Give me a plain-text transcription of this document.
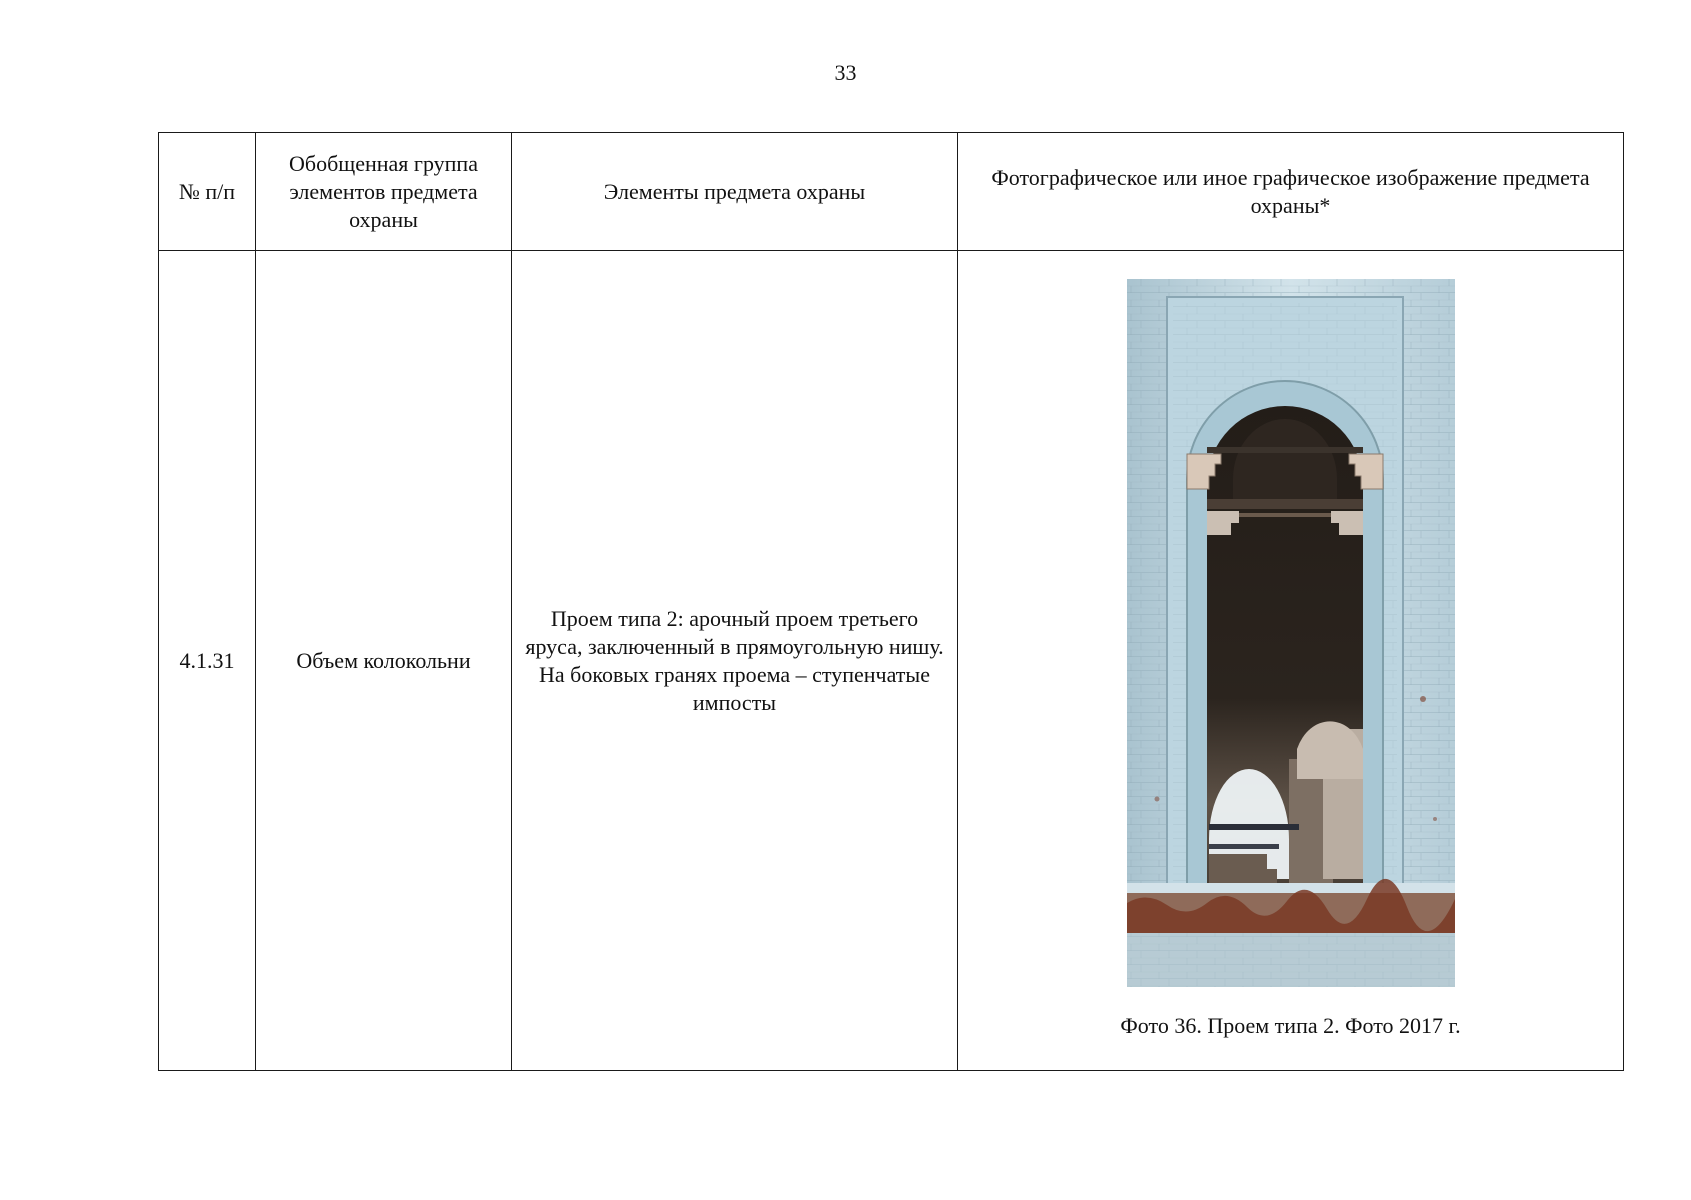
33
№ п/п	Обобщенная группа элементов предмета охраны	Элементы предмета охраны	Фотографическое или иное графическое изображение предмета охраны*
4.1.31	Объем колокольни	Проем типа 2: арочный проем третьего яруса, заключенный в прямоугольную нишу. На боковых гранях проема – ступенчатые импосты	Фото 36. Проем типа 2. Фото 2017 г.
